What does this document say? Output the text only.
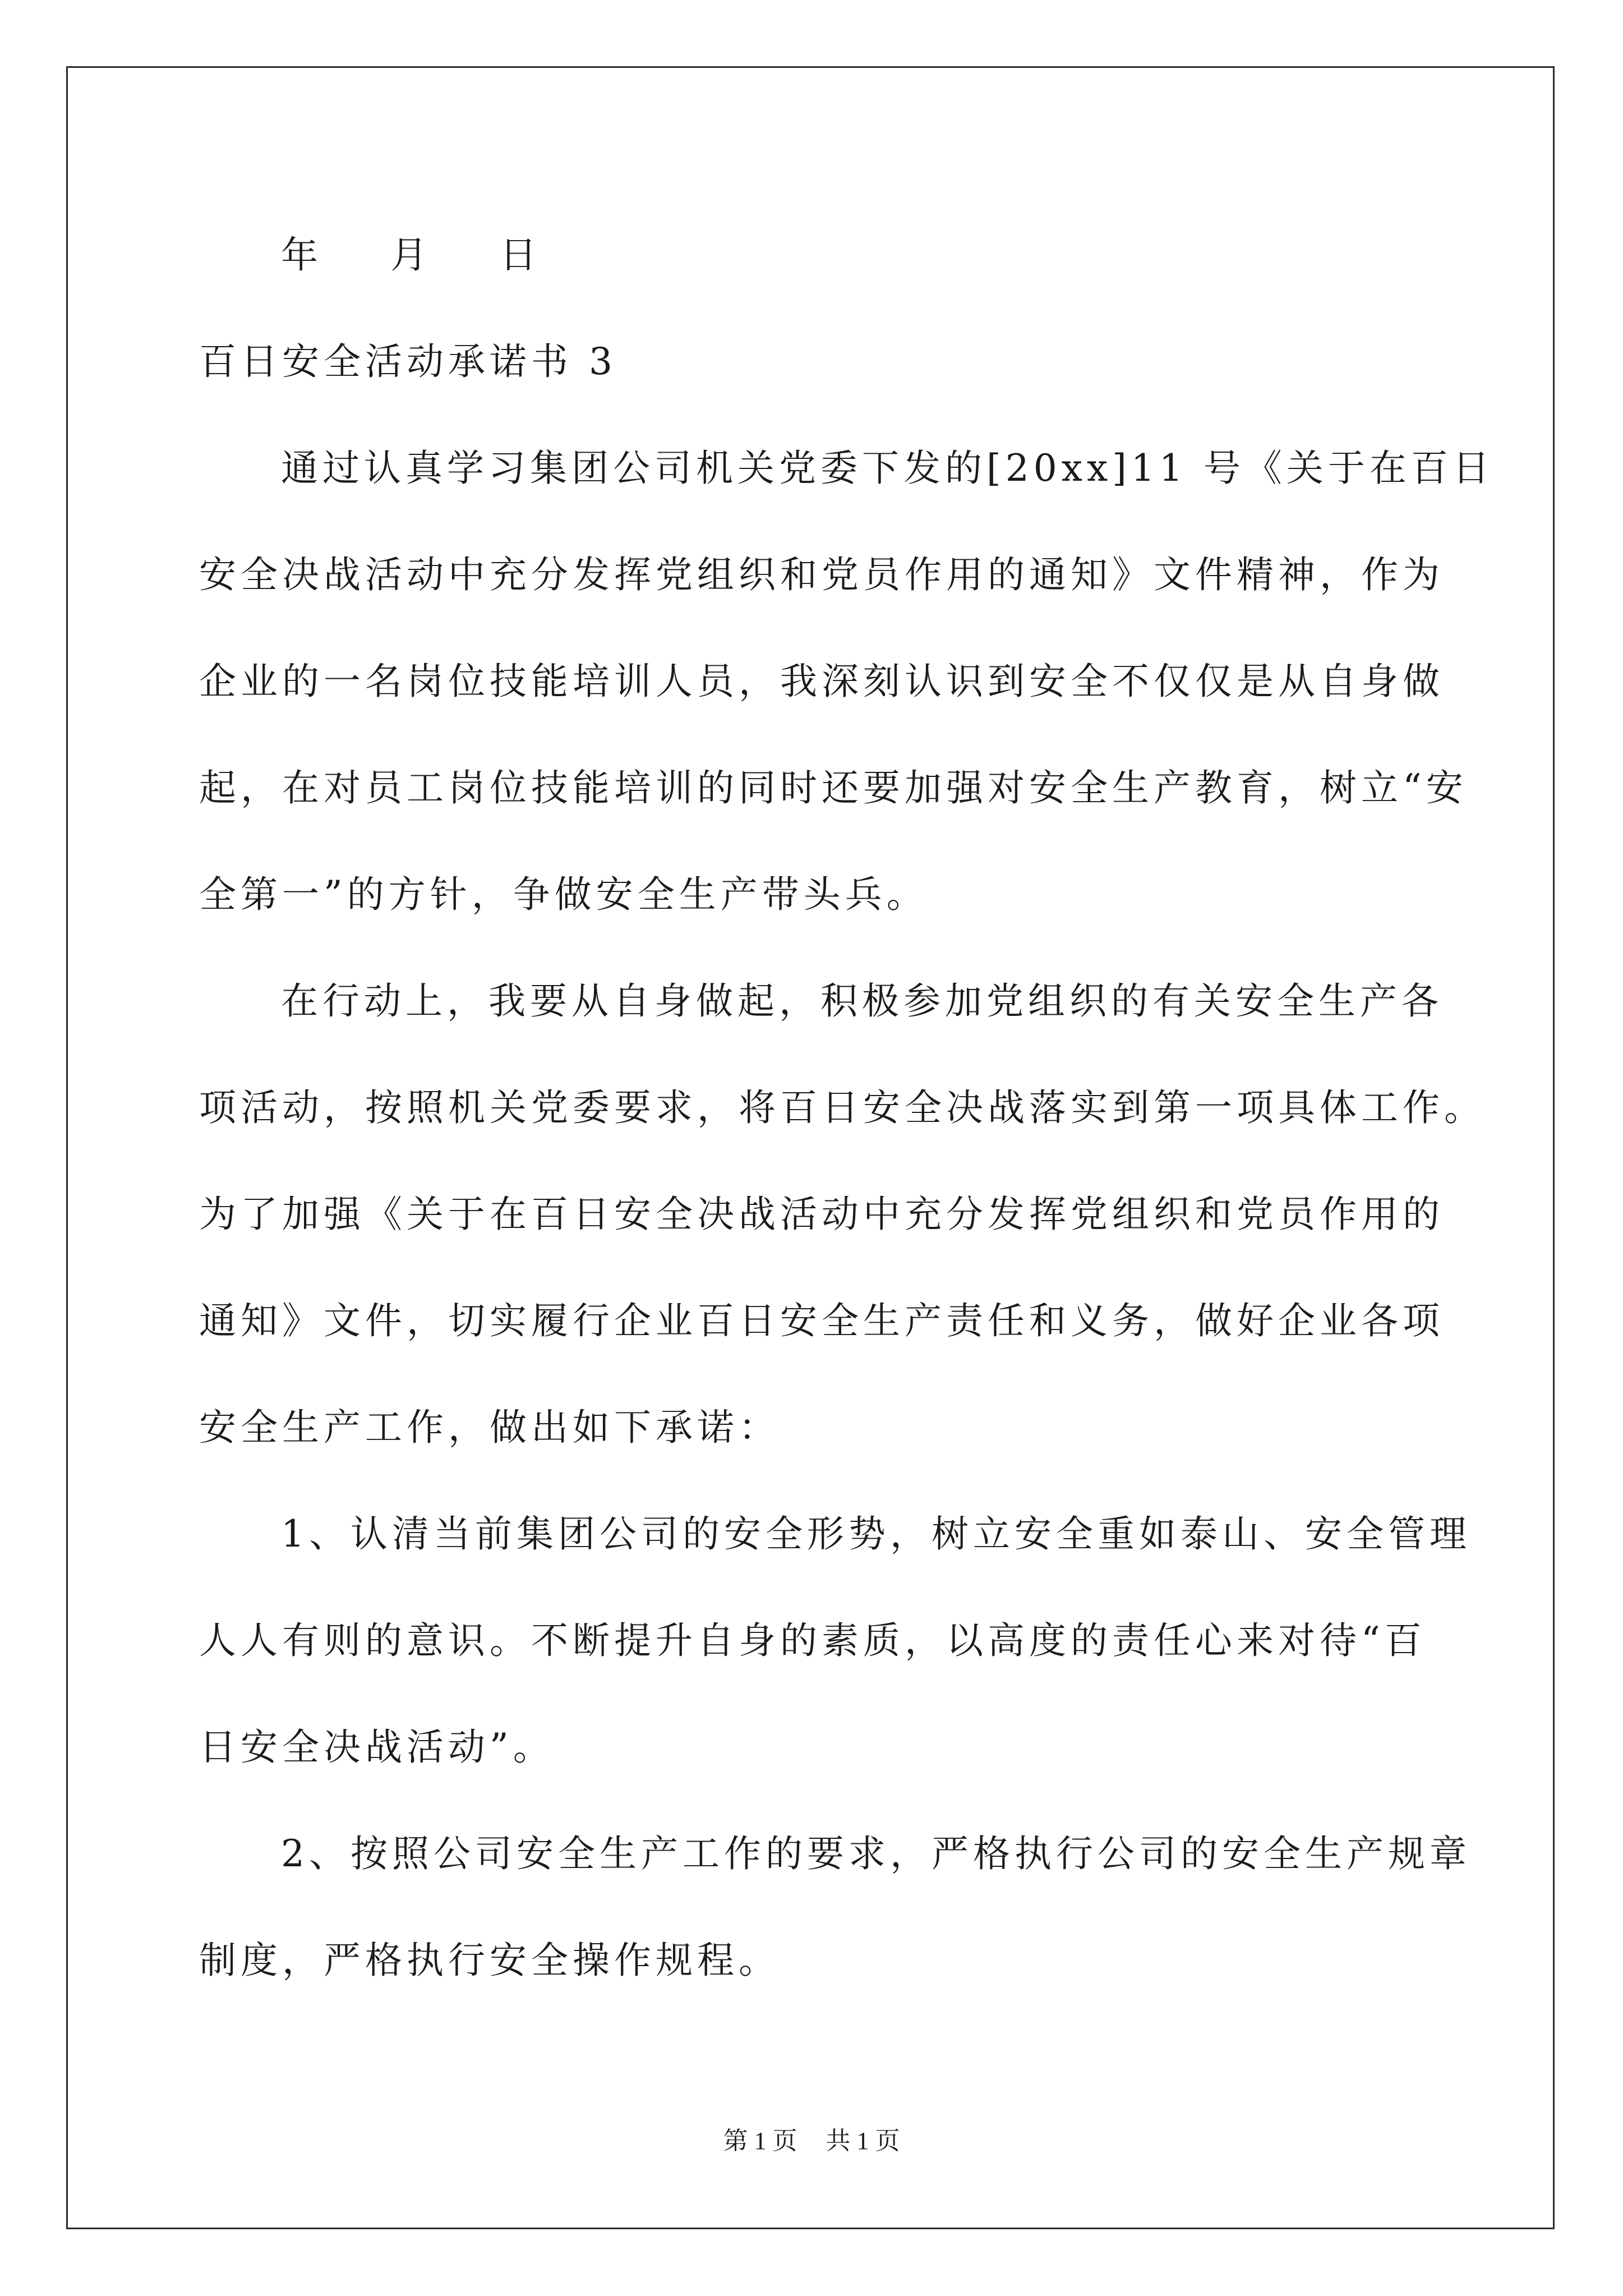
年 月 日
百日安全活动承诺书 3
通过认真学习集团公司机关党委下发的[20xx]11 号《关于在百日
安全决战活动中充分发挥党组织和党员作用的通知》文件精神，作为
企业的一名岗位技能培训人员，我深刻认识到安全不仅仅是从自身做
起，在对员工岗位技能培训的同时还要加强对安全生产教育，树立“安
全第一”的方针，争做安全生产带头兵。
在行动上，我要从自身做起，积极参加党组织的有关安全生产各
项活动，按照机关党委要求，将百日安全决战落实到第一项具体工作。
为了加强《关于在百日安全决战活动中充分发挥党组织和党员作用的
通知》文件，切实履行企业百日安全生产责任和义务，做好企业各项
安全生产工作，做出如下承诺：
1、认清当前集团公司的安全形势，树立安全重如泰山、安全管理
人人有则的意识。不断提升自身的素质，以高度的责任心来对待“百
日安全决战活动”。
2、按照公司安全生产工作的要求，严格执行公司的安全生产规章
制度，严格执行安全操作规程。
第 1 页 共 1 页
